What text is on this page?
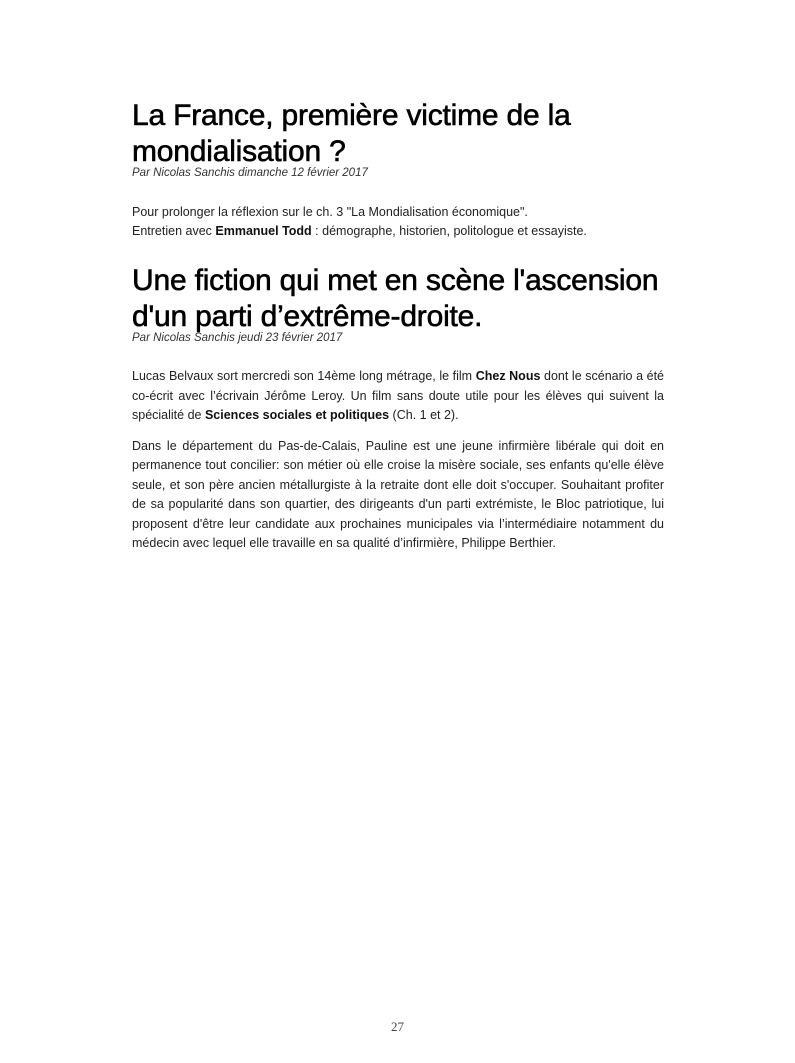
La France, première victime de la mondialisation ?
Par Nicolas Sanchis dimanche 12 février 2017

Pour prolonger la réflexion sur le ch. 3 "La Mondialisation économique".

Entretien avec Emmanuel Todd : démographe, historien, politologue et essayiste.

Une fiction qui met en scène l'ascension d'un parti d’extrême-droite.
Par Nicolas Sanchis jeudi 23 février 2017

Lucas Belvaux sort mercredi son 14ème long métrage, le film Chez Nous dont le scénario a été co-écrit avec l’écrivain Jérôme Leroy. Un film sans doute utile pour les élèves qui suivent la spécialité de Sciences sociales et politiques (Ch. 1 et 2).

Dans le département du Pas-de-Calais, Pauline est une jeune infirmière libérale qui doit en permanence tout concilier: son métier où elle croise la misère sociale, ses enfants qu'elle élève seule, et son père ancien métallurgiste à la retraite dont elle doit s'occuper. Souhaitant profiter de sa popularité dans son quartier, des dirigeants d'un parti extrémiste, le Bloc patriotique, lui proposent d'être leur candidate aux prochaines municipales via l’intermédiaire notamment du médecin avec lequel elle travaille en sa qualité d’infirmière, Philippe Berthier.

27
